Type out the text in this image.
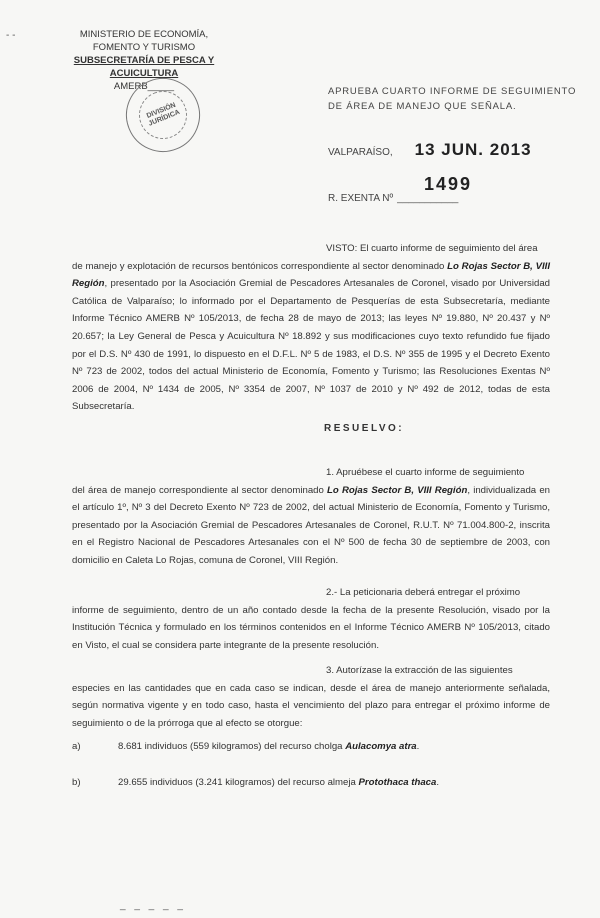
- -	MINISTERIO DE ECONOMÍA,
FOMENTO Y TURISMO
SUBSECRETARÍA DE PESCA Y ACUICULTURA
AMERB_____
DIVISIÓN JURÍDICA
APRUEBA CUARTO INFORME DE SEGUIMIENTO
DE ÁREA DE MANEJO QUE SEÑALA.
VALPARAÍSO, 13 JUN. 2013
1499
R. EXENTA Nº ___________
VISTO: El cuarto informe de seguimiento del área
de manejo y explotación de recursos bentónicos correspondiente al sector denominado Lo Rojas Sector B, VIII Región, presentado por la Asociación Gremial de Pescadores Artesanales de Coronel, visado por Universidad Católica de Valparaíso; lo informado por el Departamento de Pesquerías de esta Subsecretaría, mediante Informe Técnico AMERB Nº 105/2013, de fecha 28 de mayo de 2013; las leyes Nº 19.880, Nº 20.437 y Nº 20.657; la Ley General de Pesca y Acuicultura Nº 18.892 y sus modificaciones cuyo texto refundido fue fijado por el D.S. Nº 430 de 1991, lo dispuesto en el D.F.L. Nº 5 de 1983, el D.S. Nº 355 de 1995 y el Decreto Exento Nº 723 de 2002, todos del actual Ministerio de Economía, Fomento y Turismo; las Resoluciones Exentas Nº 2006 de 2004, Nº 1434 de 2005, Nº 3354 de 2007, Nº 1037 de 2010 y Nº 492 de 2012, todas de esta Subsecretaría.
RESUELVO:
1. Apruébese el cuarto informe de seguimiento
del área de manejo correspondiente al sector denominado Lo Rojas Sector B, VIII Región, individualizada en el artículo 1º, Nº 3 del Decreto Exento Nº 723 de 2002, del actual Ministerio de Economía, Fomento y Turismo, presentado por la Asociación Gremial de Pescadores Artesanales de Coronel, R.U.T. Nº 71.004.800-2, inscrita en el Registro Nacional de Pescadores Artesanales con el Nº 500 de fecha 30 de septiembre de 2003, con domicilio en Caleta Lo Rojas, comuna de Coronel, VIII Región.
2.- La peticionaria deberá entregar el próximo
informe de seguimiento, dentro de un año contado desde la fecha de la presente Resolución, visado por la Institución Técnica y formulado en los términos contenidos en el Informe Técnico AMERB Nº 105/2013, citado en Visto, el cual se considera parte integrante de la presente resolución.
3. Autorízase la extracción de las siguientes
especies en las cantidades que en cada caso se indican, desde el área de manejo anteriormente señalada, según normativa vigente y en todo caso, hasta el vencimiento del plazo para entregar el próximo informe de seguimiento o de la prórroga que al efecto se otorgue:
a)	8.681 individuos (559 kilogramos) del recurso cholga Aulacomya atra.
b)	29.655 individuos (3.241 kilogramos) del recurso almeja Protothaca thaca.
_ _ _ _ _
